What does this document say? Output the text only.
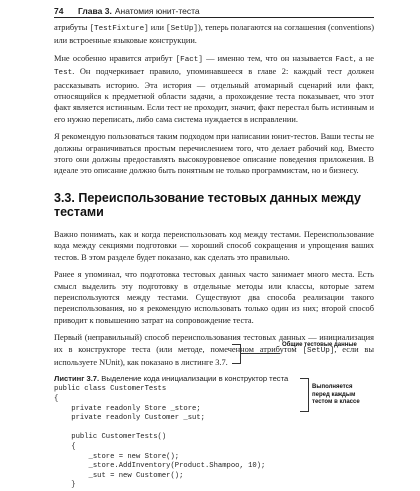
74	Глава 3. Анатомия юнит-теста

атрибуты [TestFixture] или [SetUp]), теперь полагаются на соглашения (conventions) или встроенные языковые конструкции.

Мне особенно нравится атрибут [Fact] — именно тем, что он называется Fact, а не Test. Он подчеркивает правило, упоминавшееся в главе 2: каждый тест должен рассказывать историю. Эта история — отдельный атомарный сценарий или факт, относящийся к предметной области задачи, а прохождение теста показывает, что этот факт является истинным. Если тест не проходит, значит, факт перестал быть истинным и его нужно переписать, либо сама система нуждается в исправлении.

Я рекомендую пользоваться таким подходом при написании юнит-тестов. Ваши тесты не должны ограничиваться простым перечислением того, что делает рабочий код. Вместо этого они должны предоставлять высокоуровневое описание поведения приложения. В идеале это описание должно быть понятным не только программистам, но и бизнесу.

3.3. Переиспользование тестовых данных между тестами

Важно понимать, как и когда переиспользовать код между тестами. Переиспользование кода между секциями подготовки — хороший способ сокращения и упрощения ваших тестов. В этом разделе будет показано, как сделать это правильно.

Ранее я упоминал, что подготовка тестовых данных часто занимает много места. Есть смысл выделить эту подготовку в отдельные методы или классы, которые затем переиспользуются между тестами. Существуют два способа реализации такого переиспользования, но я рекомендую использовать только один из них; второй способ приводит к повышению затрат на сопровождение теста.

Первый (неправильный) способ переиспользования тестовых данных — инициализация их в конструкторе теста (или методе, помеченном атрибутом [SetUp], если вы используете NUnit), как показано в листинге 3.7.

Листинг 3.7. Выделение кода инициализации в конструктор теста
public class CustomerTests
{
private readonly Store _store;
private readonly Customer _sut;

public CustomerTests()
{
_store = new Store();
_store.AddInventory(Product.Shampoo, 10);
_sut = new Customer();
}
Общие тестовые данные
Выполняется
перед каждым
тестом в классе
